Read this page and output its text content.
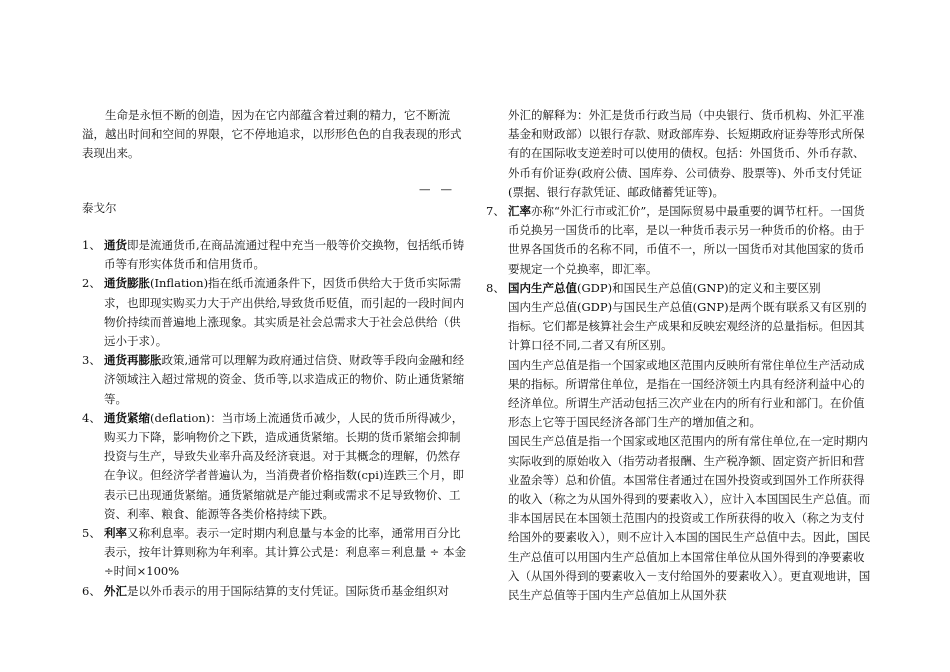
生命是永恒不断的创造，因为在它内部蕴含着过剩的精力，它不断流溢，越出时间和空间的界限，它不停地追求，以形形色色的自我表现的形式表现出来。
——
泰戈尔
1、 通货即是流通货币,在商品流通过程中充当一般等价交换物，包括纸币铸币等有形实体货币和信用货币。
2、 通货膨胀(Inflation)指在纸币流通条件下，因货币供给大于货币实际需求，也即现实购买力大于产出供给,导致货币贬值，而引起的一段时间内物价持续而普遍地上涨现象。其实质是社会总需求大于社会总供给（供远小于求）。
3、 通货再膨胀政策,通常可以理解为政府通过信贷、财政等手段向金融和经济领域注入超过常规的资金、货币等,以求造成正的物价、防止通货紧缩等。
4、 通货紧缩(deflation)：当市场上流通货币减少，人民的货币所得减少，购买力下降，影响物价之下跌，造成通货紧缩。长期的货币紧缩会抑制投资与生产，导致失业率升高及经济衰退。对于其概念的理解，仍然存在争议。但经济学者普遍认为，当消费者价格指数(cpi)连跌三个月，即表示已出现通货紧缩。通货紧缩就是产能过剩或需求不足导致物价、工资、利率、粮食、能源等各类价格持续下跌。
5、 利率又称利息率。表示一定时期内利息量与本金的比率，通常用百分比表示，按年计算则称为年利率。其计算公式是：利息率＝利息量 ÷ 本金÷时间×100%
6、 外汇是以外币表示的用于国际结算的支付凭证。国际货币基金组织对
外汇的解释为：外汇是货币行政当局（中央银行、货币机构、外汇平准基金和财政部）以银行存款、财政部库券、长短期政府证券等形式所保有的在国际收支逆差时可以使用的债权。包括：外国货币、外币存款、外币有价证券(政府公债、国库券、公司债券、股票等)、外币支付凭证(票据、银行存款凭证、邮政储蓄凭证等)。
7、 汇率亦称“外汇行市或汇价”，是国际贸易中最重要的调节杠杆。一国货币兑换另一国货币的比率，是以一种货币表示另一种货币的价格。由于世界各国货币的名称不同，币值不一，所以一国货币对其他国家的货币要规定一个兑换率，即汇率。
8、 国内生产总值(GDP)和国民生产总值(GNP)的定义和主要区别
国内生产总值(GDP)与国民生产总值(GNP)是两个既有联系又有区别的指标。它们都是核算社会生产成果和反映宏观经济的总量指标。但因其计算口径不同,二者又有所区别。
国内生产总值是指一个国家或地区范围内反映所有常住单位生产活动成果的指标。所谓常住单位，是指在一国经济领土内具有经济利益中心的经济单位。所谓生产活动包括三次产业在内的所有行业和部门。在价值形态上它等于国民经济各部门生产的增加值之和。
国民生产总值是指一个国家或地区范围内的所有常住单位,在一定时期内实际收到的原始收入（指劳动者报酬、生产税净额、固定资产折旧和营业盈余等）总和价值。本国常住者通过在国外投资或到国外工作所获得的收入（称之为从国外得到的要素收入），应计入本国国民生产总值。而非本国居民在本国领土范围内的投资或工作所获得的收入（称之为支付给国外的要素收入），则不应计入本国的国民生产总值中去。因此，国民生产总值可以用国内生产总值加上本国常住单位从国外得到的净要素收入（从国外得到的要素收入－支付给国外的要素收入）。更直观地讲，国民生产总值等于国内生产总值加上从国外获
